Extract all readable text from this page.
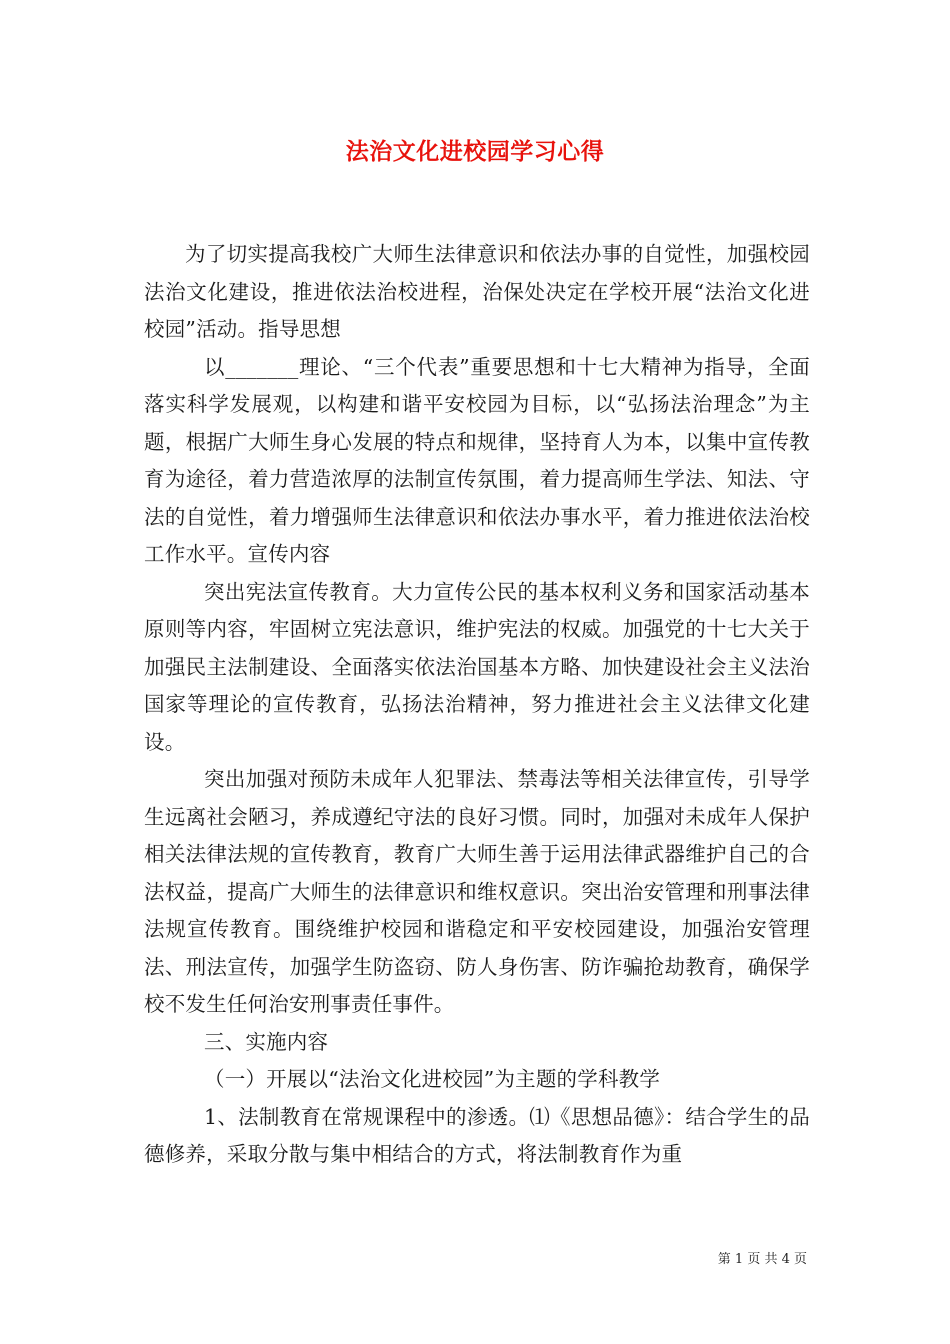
法治文化进校园学习心得

为了切实提高我校广大师生法律意识和依法办事的自觉性，加强校园法治文化建设，推进依法治校进程，治保处决定在学校开展“法治文化进校园”活动。指导思想

以_______理论、“三个代表”重要思想和十七大精神为指导，全面落实科学发展观，以构建和谐平安校园为目标，以“弘扬法治理念”为主题，根据广大师生身心发展的特点和规律，坚持育人为本，以集中宣传教育为途径，着力营造浓厚的法制宣传氛围，着力提高师生学法、知法、守法的自觉性，着力增强师生法律意识和依法办事水平，着力推进依法治校工作水平。宣传内容

突出宪法宣传教育。大力宣传公民的基本权利义务和国家活动基本原则等内容，牢固树立宪法意识，维护宪法的权威。加强党的十七大关于加强民主法制建设、全面落实依法治国基本方略、加快建设社会主义法治国家等理论的宣传教育，弘扬法治精神，努力推进社会主义法律文化建设。

突出加强对预防未成年人犯罪法、禁毒法等相关法律宣传，引导学生远离社会陋习，养成遵纪守法的良好习惯。同时，加强对未成年人保护相关法律法规的宣传教育，教育广大师生善于运用法律武器维护自己的合法权益，提高广大师生的法律意识和维权意识。突出治安管理和刑事法律法规宣传教育。围绕维护校园和谐稳定和平安校园建设，加强治安管理法、刑法宣传，加强学生防盗窃、防人身伤害、防诈骗抢劫教育，确保学校不发生任何治安刑事责任事件。

三、实施内容

（一）开展以“法治文化进校园”为主题的学科教学

1、法制教育在常规课程中的渗透。⑴《思想品德》：结合学生的品德修养，采取分散与集中相结合的方式，将法制教育作为重

第 1 页 共 4 页
